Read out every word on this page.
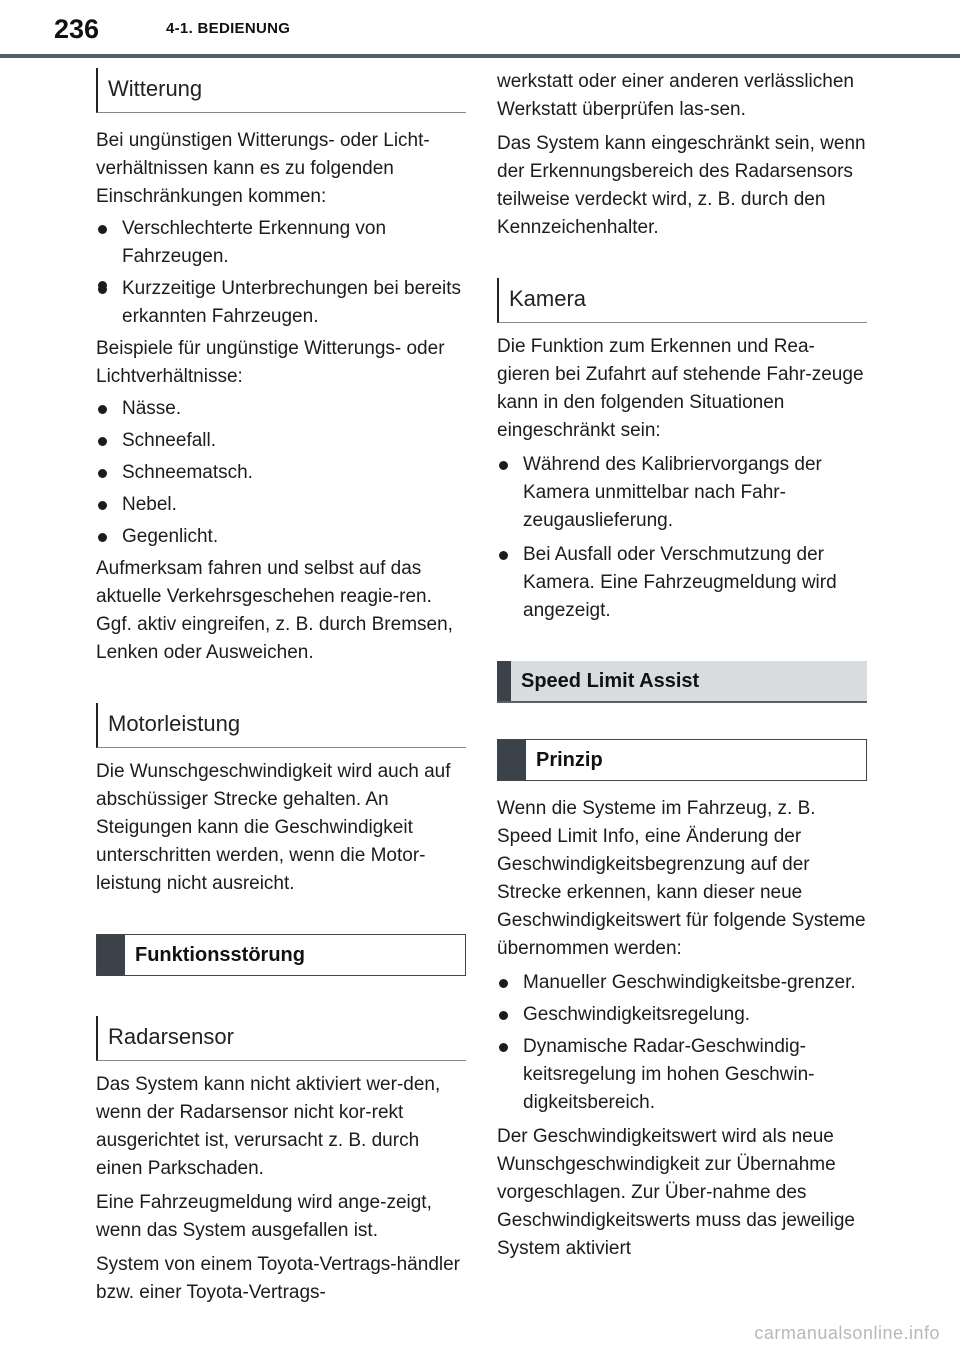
236	4-1. BEDIENUNG
Witterung

Bei ungünstigen Witterungs- oder Licht-verhältnissen kann es zu folgenden Einschränkungen kommen:

Verschlechterte Erkennung von Fahrzeugen.
Kurzzeitige Unterbrechungen bei bereits erkannten Fahrzeugen.

Beispiele für ungünstige Witterungs- oder Lichtverhältnisse:

Nässe.
Schneefall.
Schneematsch.
Nebel.
Gegenlicht.

Aufmerksam fahren und selbst auf das aktuelle Verkehrsgeschehen reagie-ren. Ggf. aktiv eingreifen, z. B. durch Bremsen, Lenken oder Ausweichen.

Motorleistung

Die Wunschgeschwindigkeit wird auch auf abschüssiger Strecke gehalten. An Steigungen kann die Geschwindigkeit unterschritten werden, wenn die Motor-leistung nicht ausreicht.

Funktionsstörung
Radarsensor

Das System kann nicht aktiviert wer-den, wenn der Radarsensor nicht kor-rekt ausgerichtet ist, verursacht z. B. durch einen Parkschaden.

Eine Fahrzeugmeldung wird ange-zeigt, wenn das System ausgefallen ist.

System von einem Toyota-Vertrags-händler bzw. einer Toyota-Vertrags-

werkstatt oder einer anderen verlässlichen Werkstatt überprüfen las-sen.

Das System kann eingeschränkt sein, wenn der Erkennungsbereich des Radarsensors teilweise verdeckt wird, z. B. durch den Kennzeichenhalter.

Kamera

Die Funktion zum Erkennen und Rea-gieren bei Zufahrt auf stehende Fahr-zeuge kann in den folgenden Situationen eingeschränkt sein:

Während des Kalibriervorgangs der Kamera unmittelbar nach Fahr-zeugauslieferung.
Bei Ausfall oder Verschmutzung der Kamera. Eine Fahrzeugmeldung wird angezeigt.
Speed Limit Assist
Prinzip

Wenn die Systeme im Fahrzeug, z. B. Speed Limit Info, eine Änderung der Geschwindigkeitsbegrenzung auf der Strecke erkennen, kann dieser neue Geschwindigkeitswert für folgende Systeme übernommen werden:

Manueller Geschwindigkeitsbe-grenzer.
Geschwindigkeitsregelung.
Dynamische Radar-Geschwindig-keitsregelung im hohen Geschwin-digkeitsbereich.

Der Geschwindigkeitswert wird als neue Wunschgeschwindigkeit zur Übernahme vorgeschlagen. Zur Über-nahme des Geschwindigkeitswerts muss das jeweilige System aktiviert

carmanualsonline.info
